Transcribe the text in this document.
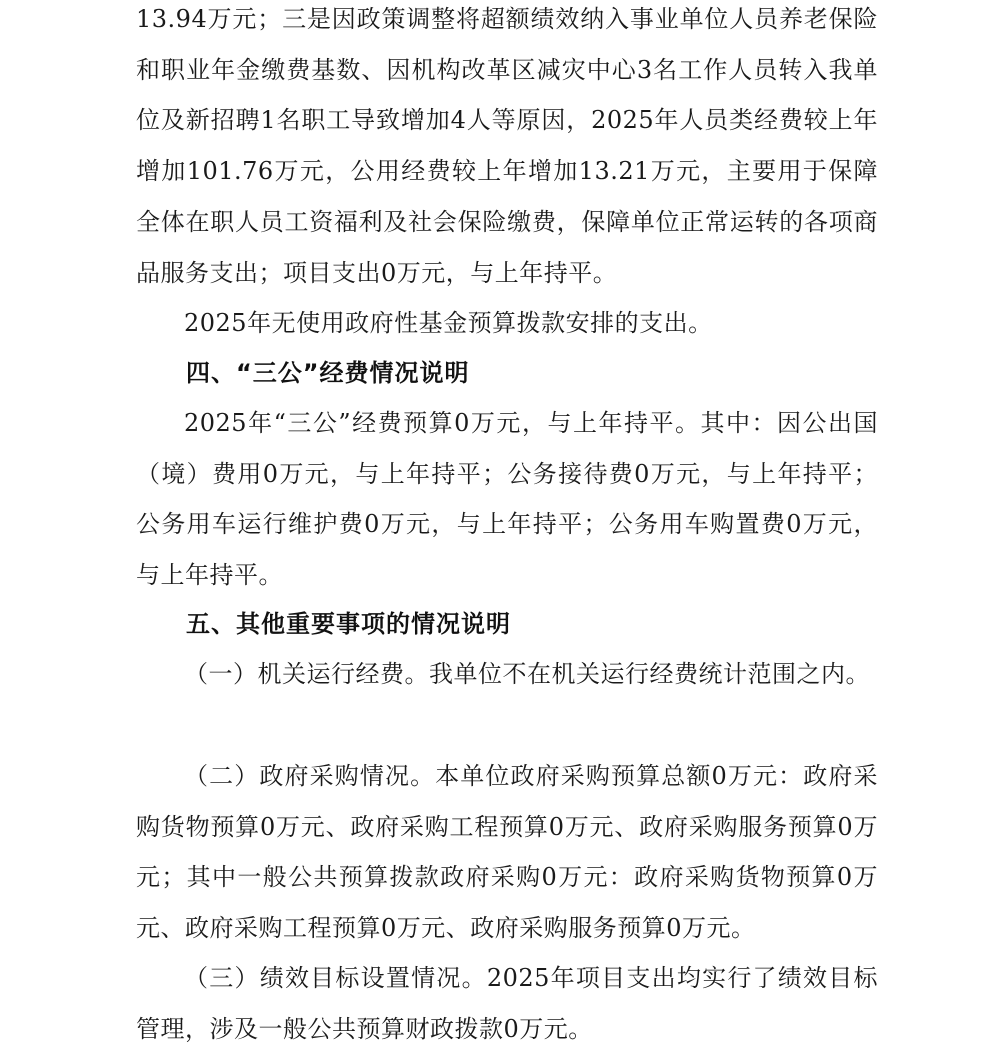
13.94万元；三是因政策调整将超额绩效纳入事业单位人员养老保险和职业年金缴费基数、因机构改革区减灾中心3名工作人员转入我单位及新招聘1名职工导致增加4人等原因，2025年人员类经费较上年增加101.76万元，公用经费较上年增加13.21万元，主要用于保障全体在职人员工资福利及社会保险缴费，保障单位正常运转的各项商品服务支出；项目支出0万元，与上年持平。

2025年无使用政府性基金预算拨款安排的支出。

四、“三公”经费情况说明

2025年“三公”经费预算0万元，与上年持平。其中：因公出国（境）费用0万元，与上年持平；公务接待费0万元，与上年持平；公务用车运行维护费0万元，与上年持平；公务用车购置费0万元，与上年持平。

五、其他重要事项的情况说明

（一）机关运行经费。我单位不在机关运行经费统计范围之内。

（二）政府采购情况。本单位政府采购预算总额0万元：政府采购货物预算0万元、政府采购工程预算0万元、政府采购服务预算0万元；其中一般公共预算拨款政府采购0万元：政府采购货物预算0万元、政府采购工程预算0万元、政府采购服务预算0万元。

（三）绩效目标设置情况。2025年项目支出均实行了绩效目标管理，涉及一般公共预算财政拨款0万元。
